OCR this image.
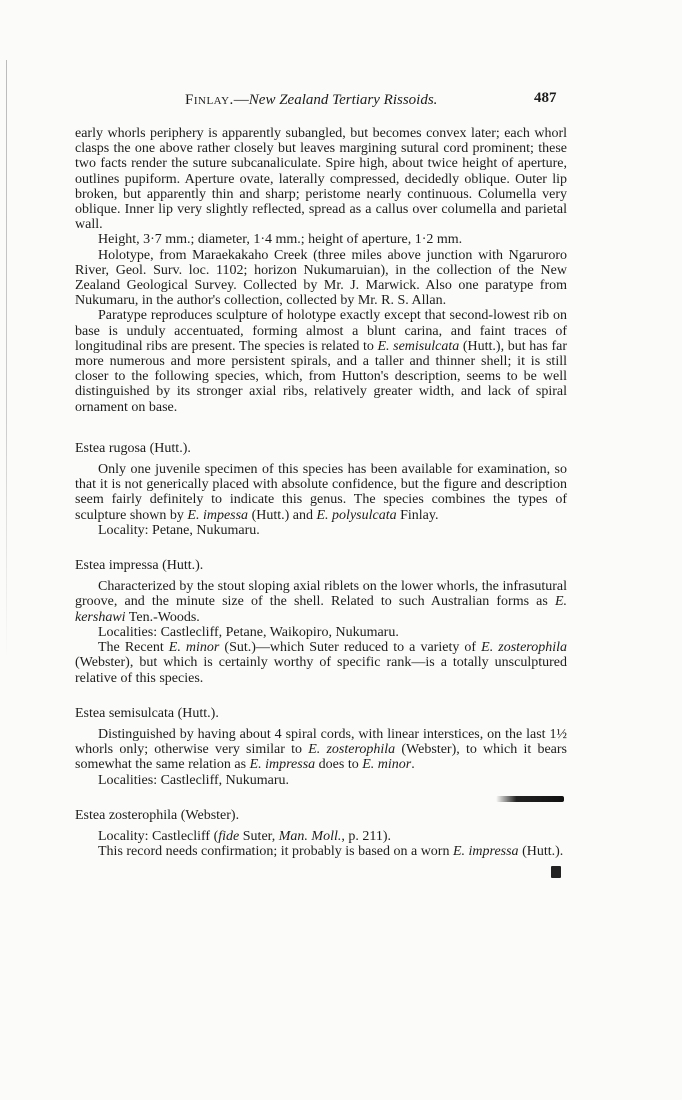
Finlay.—New Zealand Tertiary Rissoids.	487

early whorls periphery is apparently subangled, but becomes convex later; each whorl clasps the one above rather closely but leaves margining sutural cord prominent; these two facts render the suture subcanaliculate. Spire high, about twice height of aperture, outlines pupiform. Aperture ovate, laterally compressed, decidedly oblique. Outer lip broken, but apparently thin and sharp; peristome nearly continuous. Columella very oblique. Inner lip very slightly reflected, spread as a callus over columella and parietal wall.

Height, 3·7 mm.; diameter, 1·4 mm.; height of aperture, 1·2 mm.

Holotype, from Maraekakaho Creek (three miles above junction with Ngaruroro River, Geol. Surv. loc. 1102; horizon Nukumaruian), in the collection of the New Zealand Geological Survey. Collected by Mr. J. Marwick. Also one paratype from Nukumaru, in the author's collection, collected by Mr. R. S. Allan.

Paratype reproduces sculpture of holotype exactly except that second-lowest rib on base is unduly accentuated, forming almost a blunt carina, and faint traces of longitudinal ribs are present. The species is related to E. semisulcata (Hutt.), but has far more numerous and more persistent spirals, and a taller and thinner shell; it is still closer to the following species, which, from Hutton's description, seems to be well distinguished by its stronger axial ribs, relatively greater width, and lack of spiral ornament on base.

Estea rugosa (Hutt.).

Only one juvenile specimen of this species has been available for examination, so that it is not generically placed with absolute confidence, but the figure and description seem fairly definitely to indicate this genus. The species combines the types of sculpture shown by E. impessa (Hutt.) and E. polysulcata Finlay.

Locality: Petane, Nukumaru.

Estea impressa (Hutt.).

Characterized by the stout sloping axial riblets on the lower whorls, the infrasutural groove, and the minute size of the shell. Related to such Australian forms as E. kershawi Ten.-Woods.

Localities: Castlecliff, Petane, Waikopiro, Nukumaru.

The Recent E. minor (Sut.)—which Suter reduced to a variety of E. zosterophila (Webster), but which is certainly worthy of specific rank—is a totally unsculptured relative of this species.

Estea semisulcata (Hutt.).

Distinguished by having about 4 spiral cords, with linear interstices, on the last 1½ whorls only; otherwise very similar to E. zosterophila (Webster), to which it bears somewhat the same relation as E. impressa does to E. minor.

Localities: Castlecliff, Nukumaru.

Estea zosterophila (Webster).

Locality: Castlecliff (fide Suter, Man. Moll., p. 211).

This record needs confirmation; it probably is based on a worn E. impressa (Hutt.).
